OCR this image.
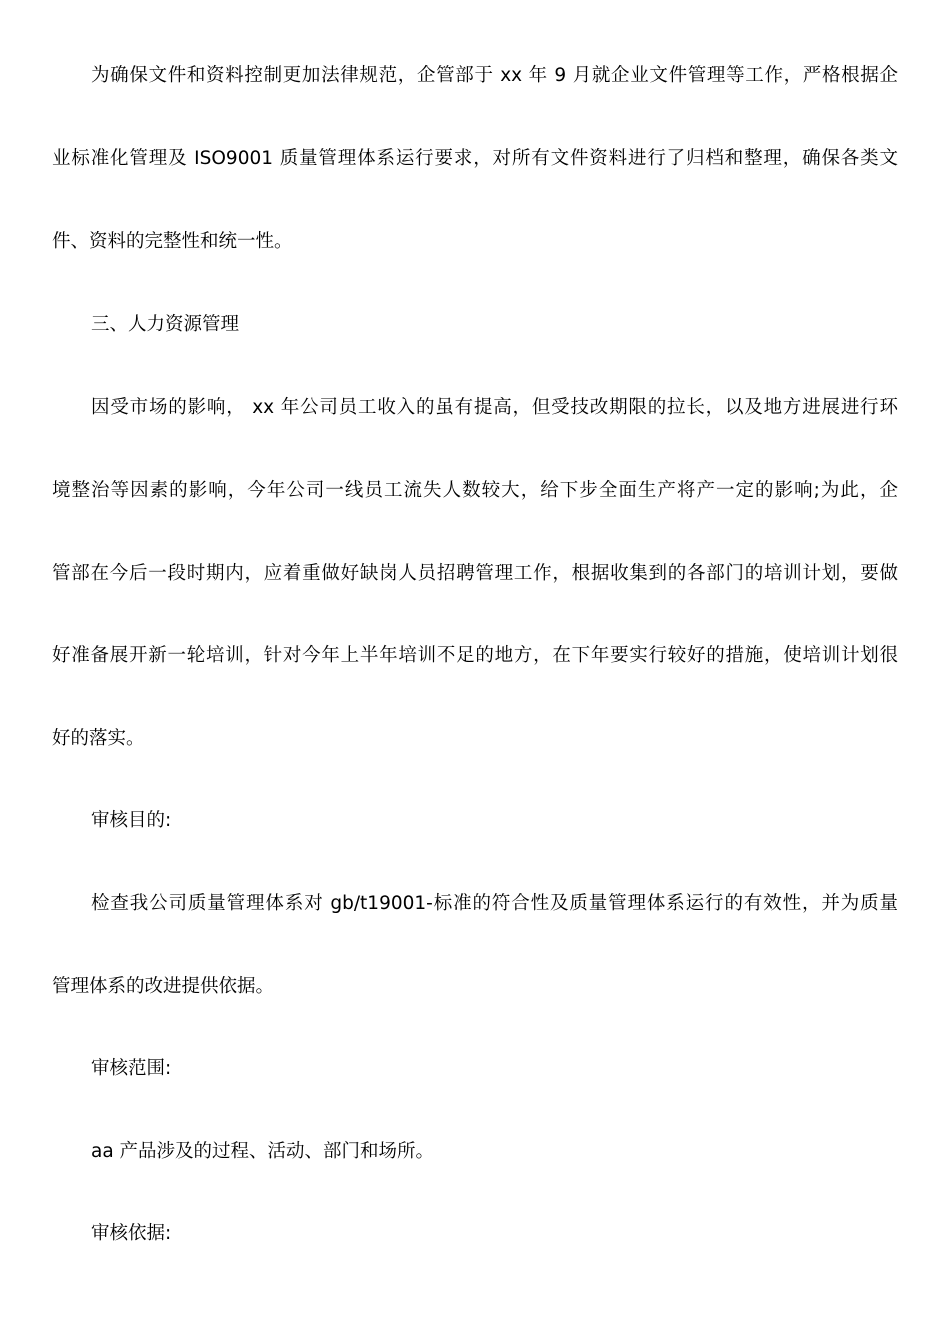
为确保文件和资料控制更加法律规范，企管部于 xx 年 9 月就企业文件管理等工作，严格根据企
业标准化管理及 ISO9001 质量管理体系运行要求，对所有文件资料进行了归档和整理，确保各类文
件、资料的完整性和统一性。
三、人力资源管理
因受市场的影响， xx 年公司员工收入的虽有提高，但受技改期限的拉长，以及地方进展进行环
境整治等因素的影响，今年公司一线员工流失人数较大，给下步全面生产将产一定的影响;为此，企
管部在今后一段时期内，应着重做好缺岗人员招聘管理工作，根据收集到的各部门的培训计划，要做
好准备展开新一轮培训，针对今年上半年培训不足的地方，在下年要实行较好的措施，使培训计划很
好的落实。
审核目的:
检查我公司质量管理体系对 gb/t19001-标准的符合性及质量管理体系运行的有效性，并为质量
管理体系的改进提供依据。
审核范围:
aa 产品涉及的过程、活动、部门和场所。
审核依据:
